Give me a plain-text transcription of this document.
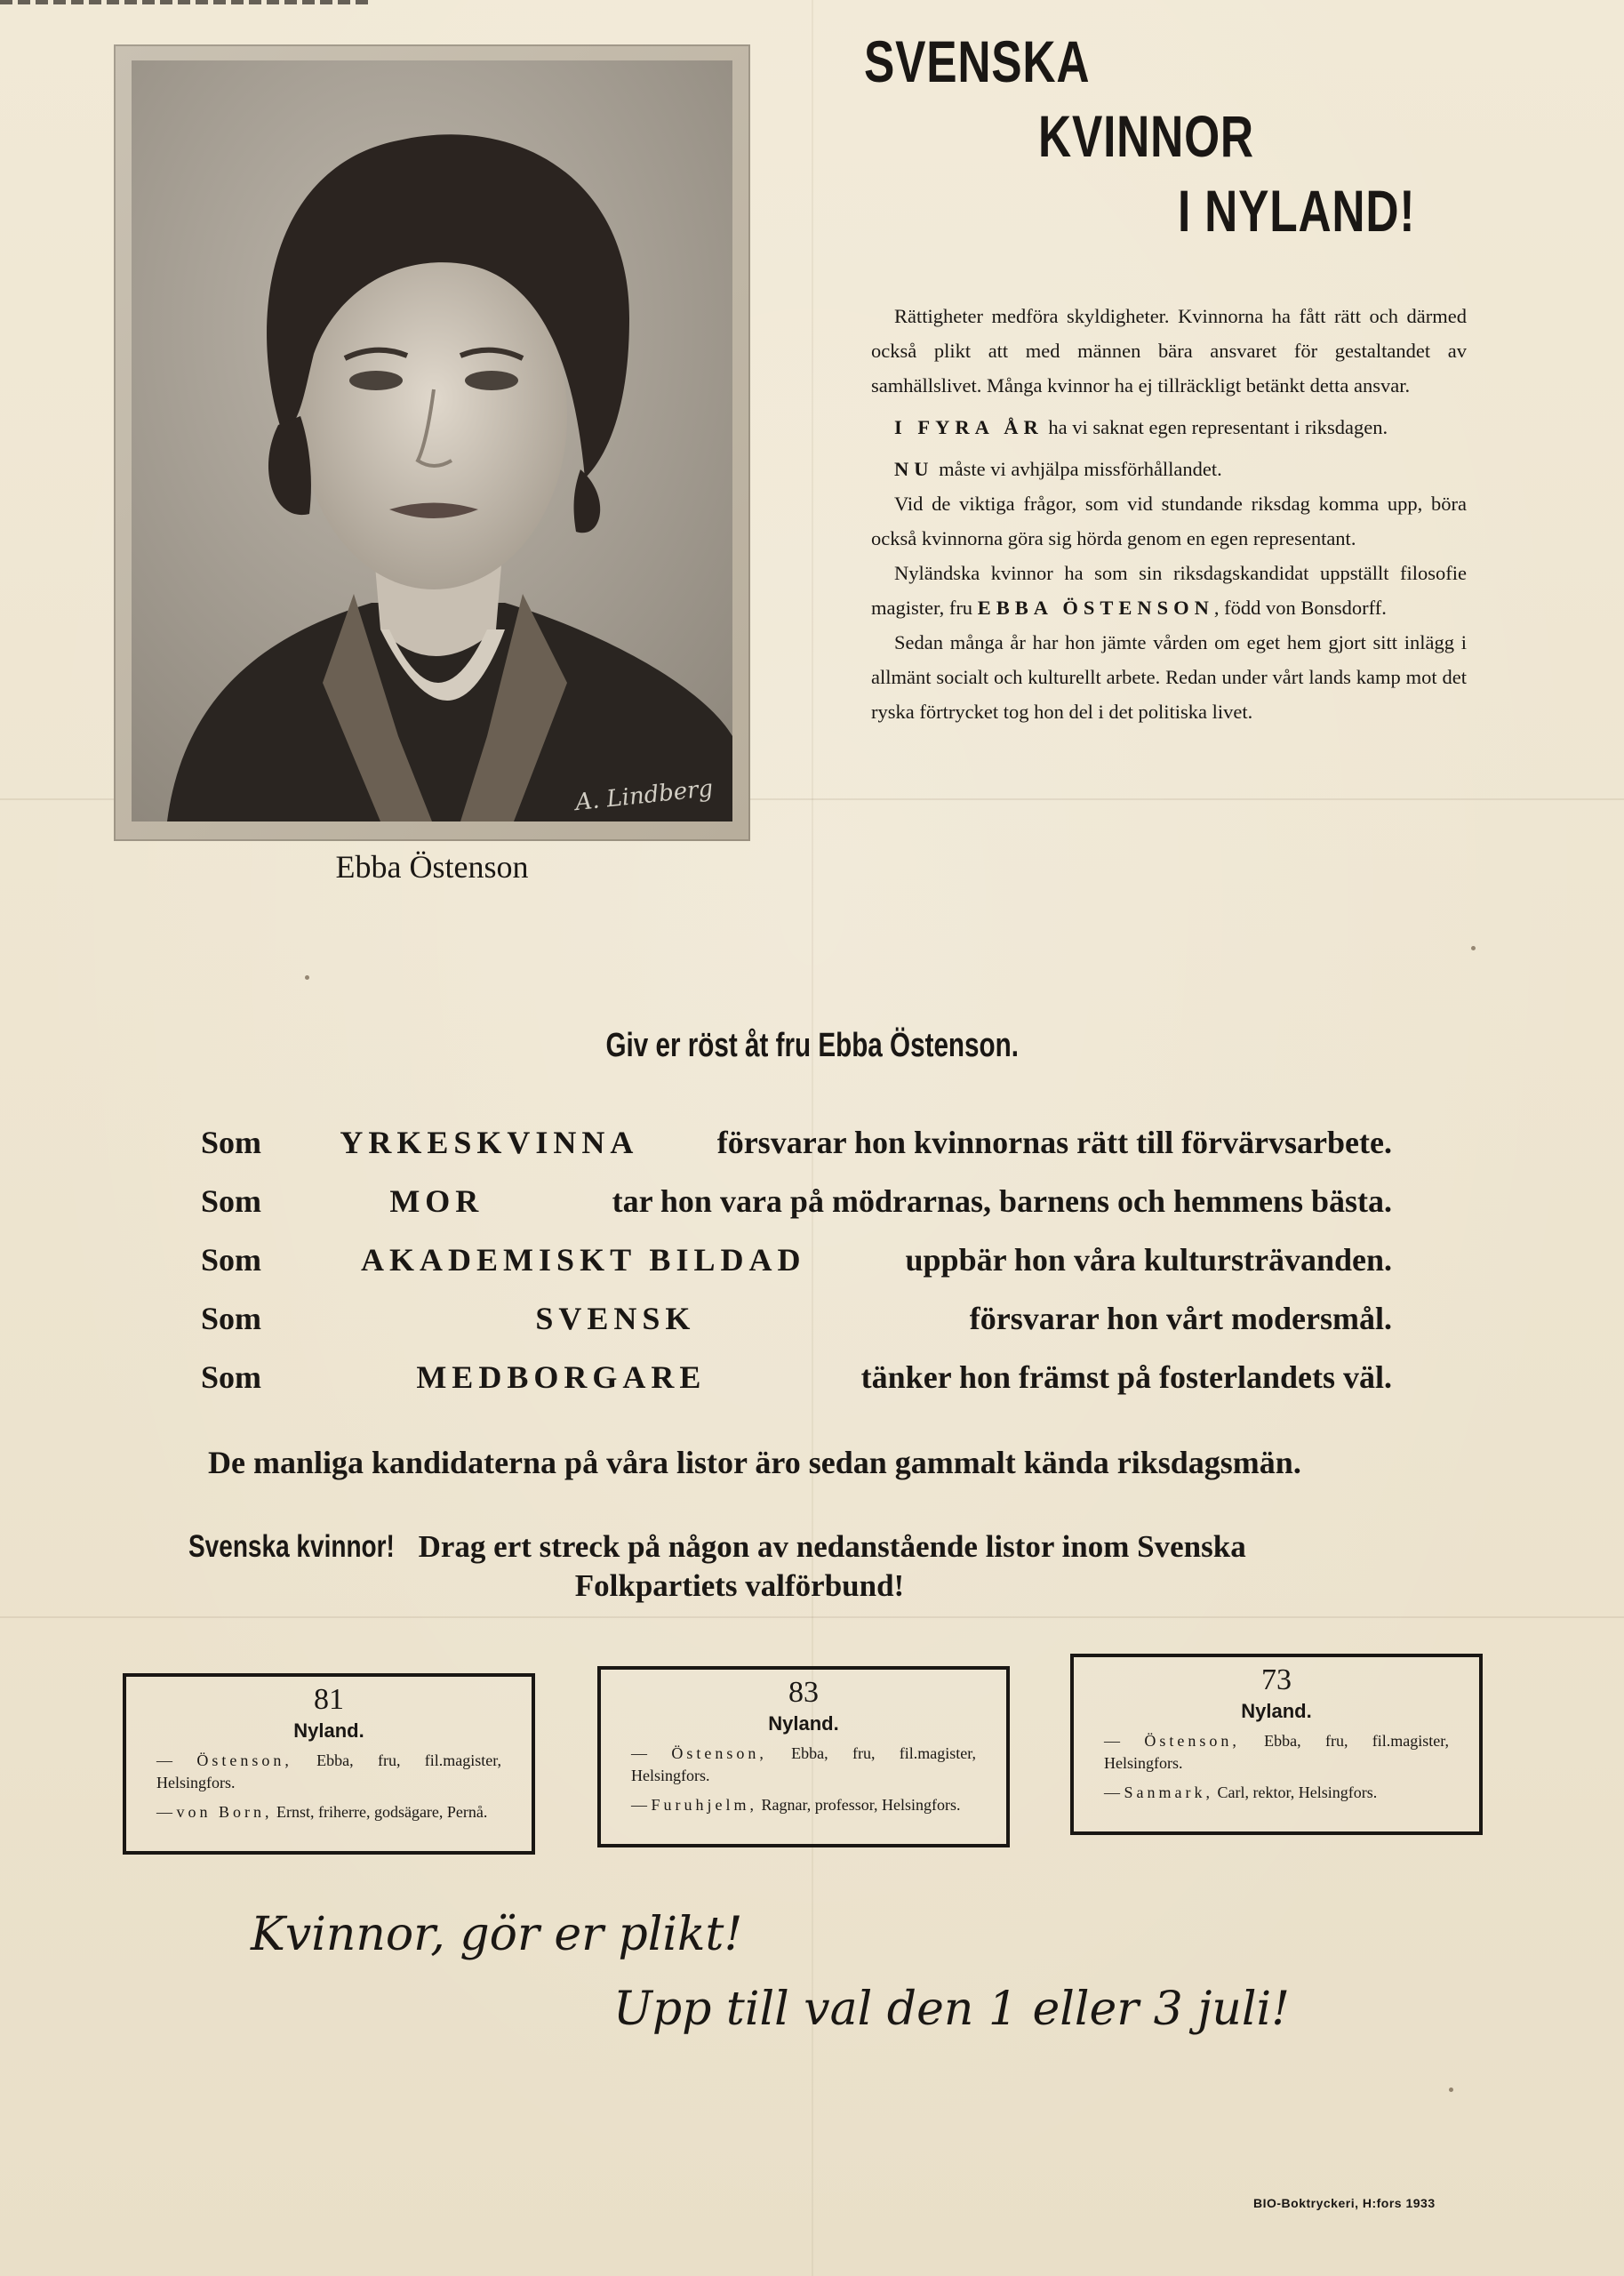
A. Lindberg
Ebba Östenson
SVENSKA
KVINNOR
I NYLAND!

Rättigheter medföra skyldigheter. Kvinnorna ha fått rätt och därmed också plikt att med männen bära ansvaret för gestaltandet av samhällslivet. Många kvinnor ha ej tillräckligt betänkt detta ansvar.

I FYRA ÅR ha vi saknat egen representant i riksdagen.

NU måste vi avhjälpa missförhållandet.

Vid de viktiga frågor, som vid stundande riksdag komma upp, böra också kvinnorna göra sig hörda genom en egen representant.

Nyländska kvinnor ha som sin riksdagskandidat uppställt filosofie magister, fru EBBA ÖSTENSON, född von Bonsdorff.

Sedan många år har hon jämte vården om eget hem gjort sitt inlägg i allmänt socialt och kulturellt arbete. Redan under vårt lands kamp mot det ryska förtrycket tog hon del i det politiska livet.

Giv er röst åt fru Ebba Östenson.
Som YRKESKVINNA försvarar hon kvinnornas rätt till förvärvsarbete.
Som	MOR	tar hon vara på mödrarnas, barnens och hemmens bästa.
Som	AKADEMISKT BILDAD	uppbär hon våra kultursträvanden.
Som	SVENSK	försvarar hon vårt modersmål.
Som	MEDBORGARE	tänker hon främst på fosterlandets väl.
De manliga kandidaterna på våra listor äro sedan gammalt kända riksdagsmän.
Svenska kvinnor! Drag ert streck på någon av nedanstående listor inom Svenska
Folkpartiets valförbund!
81
Nyland.
— Östenson, Ebba, fru, fil.magister, Helsingfors.
— von Born, Ernst, friherre, godsägare, Pernå.
83
Nyland.
— Östenson, Ebba, fru, fil.magister, Helsingfors.
— Furuhjelm, Ragnar, professor, Helsingfors.
73
Nyland.
— Östenson, Ebba, fru, fil.magister, Helsingfors.
— Sanmark, Carl, rektor, Helsingfors.
Kvinnor, gör er plikt!
Upp till val den 1 eller 3 juli!
BIO-Boktryckeri, H:fors 1933
